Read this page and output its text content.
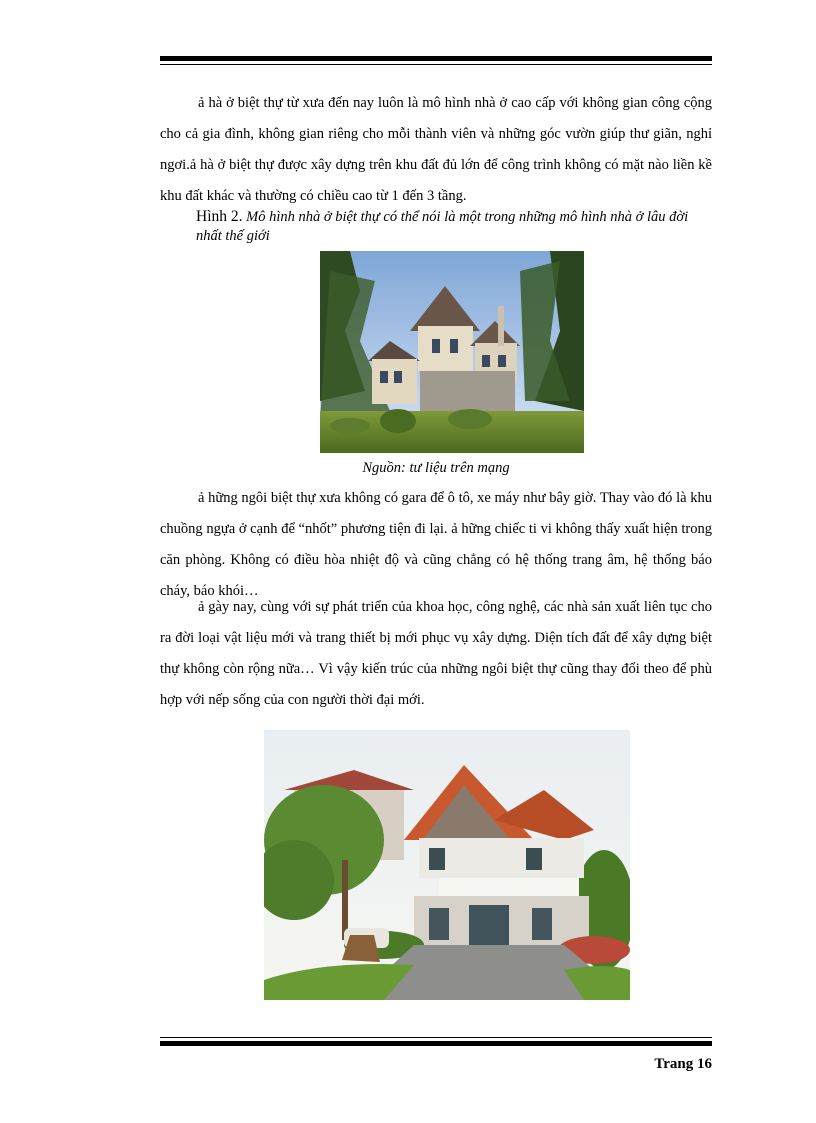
ả hà ở biệt thự từ xưa đến nay luôn là mô hình nhà ở cao cấp với không gian công cộng cho cả gia đình, không gian riêng cho mỗi thành viên và những góc vườn giúp thư giãn, nghỉ ngơi.ả hà ở biệt thự được xây dựng trên khu đất đủ lớn để công trình không có mặt nào liền kề khu đất khác và thường có chiều cao từ 1 đến 3 tầng.

Hình 2. Mô hình nhà ở biệt thự có thể nói là một trong những mô hình nhà ở lâu đời nhất thế giới

Nguồn: tư liệu trên mạng

ả hững ngôi biệt thự xưa không có gara để ô tô, xe máy như bây giờ. Thay vào đó là khu chuồng ngựa ở cạnh để “nhốt” phương tiện đi lại. ả hững chiếc ti vi không thấy xuất hiện trong căn phòng. Không có điều hòa nhiệt độ và cũng chẳng có hệ thống trang âm, hệ thống báo cháy, báo khói…

ả gày nay, cùng với sự phát triển của khoa học, công nghệ, các nhà sản xuất liên tục cho ra đời loại vật liệu mới và trang thiết bị mới phục vụ xây dựng. Diện tích đất để xây dựng biệt thự không còn rộng nữa… Vì vậy kiến trúc của những ngôi biệt thự cũng thay đổi theo để phù hợp với nếp sống của con người thời đại mới.

Trang 16
